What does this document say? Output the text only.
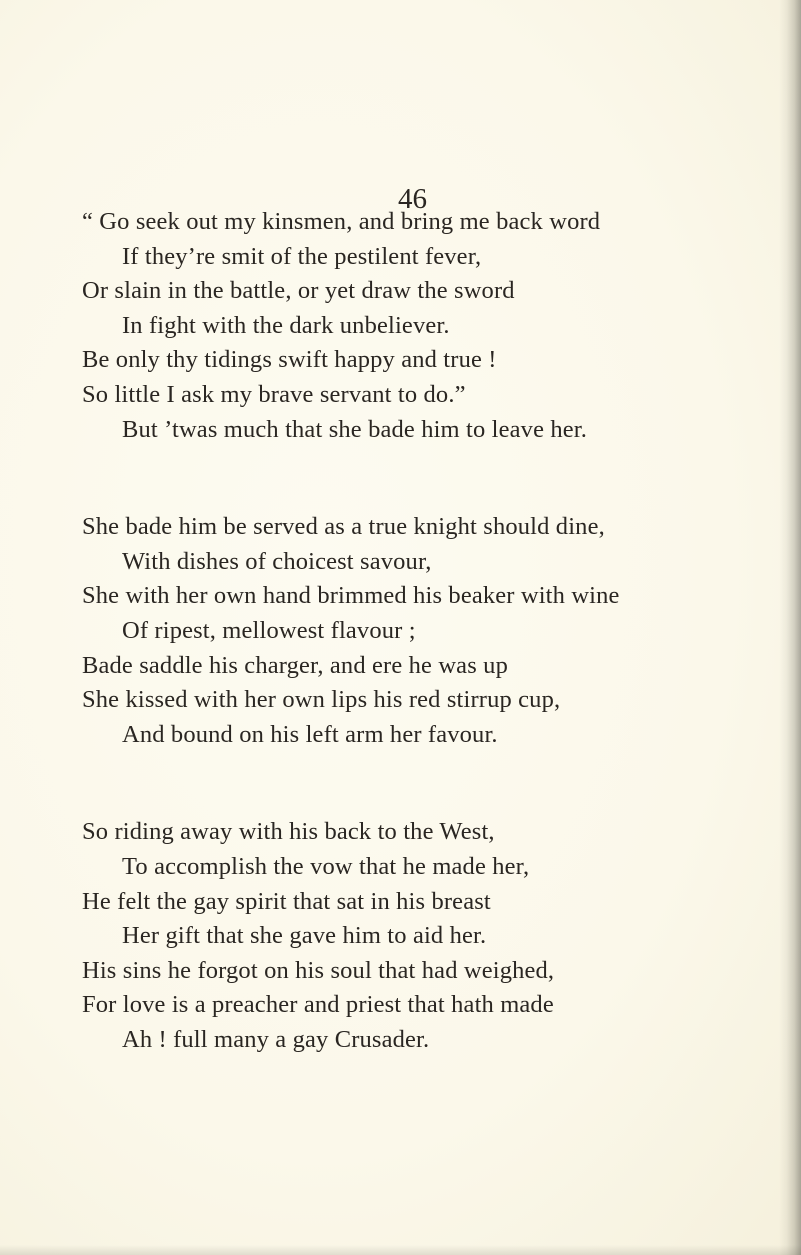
46
“ Go seek out my kinsmen, and bring me back word
If they’re smit of the pestilent fever,
Or slain in the battle, or yet draw the sword
In fight with the dark unbeliever.
Be only thy tidings swift happy and true !
So little I ask my brave servant to do.”
But ’twas much that she bade him to leave her.
She bade him be served as a true knight should dine,
With dishes of choicest savour,
She with her own hand brimmed his beaker with wine
Of ripest, mellowest flavour ;
Bade saddle his charger, and ere he was up
She kissed with her own lips his red stirrup cup,
And bound on his left arm her favour.
So riding away with his back to the West,
To accomplish the vow that he made her,
He felt the gay spirit that sat in his breast
Her gift that she gave him to aid her.
His sins he forgot on his soul that had weighed,
For love is a preacher and priest that hath made
Ah ! full many a gay Crusader.
